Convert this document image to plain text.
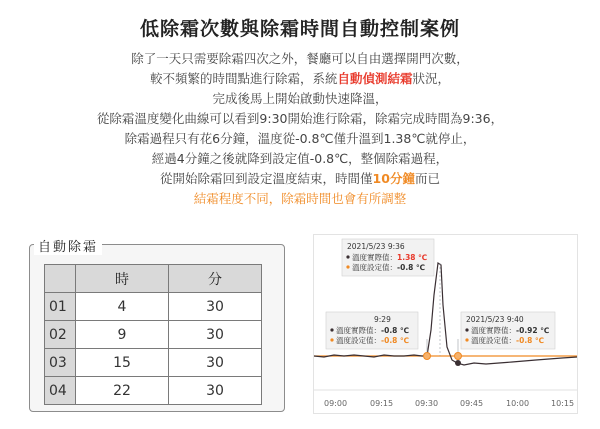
低除霜次數與除霜時間自動控制案例
除了一天只需要除霜四次之外，餐廳可以自由選擇開門次數，
較不頻繁的時間點進行除霜，系統自動偵測結霜狀況，
完成後馬上開始啟動快速降溫，
從除霜溫度變化曲線可以看到9:30開始進行除霜，除霜完成時間為9:36，
除霜過程只有花6分鐘，溫度從-0.8℃僅升溫到1.38℃就停止，
經過4分鐘之後就降到設定值-0.8℃，整個除霜過程，
從開始除霜回到設定溫度結束，時間僅10分鐘而已
結霜程度不同，除霜時間也會有所調整
自動除霜
	時	分
01	4	30
02	9	30
03	15	30
04	22	30
2021/5/23 9:36
溫度實際值：1.38 ℃
溫度設定值：-0.8 ℃
9:29
溫度實際值：-0.8 ℃
溫度設定值：-0.8 ℃
2021/5/23 9:40
溫度實際值：-0.92 ℃
溫度設定值：-0.8 ℃
09:00	09:15	09:30	09:45	10:00	10:15
